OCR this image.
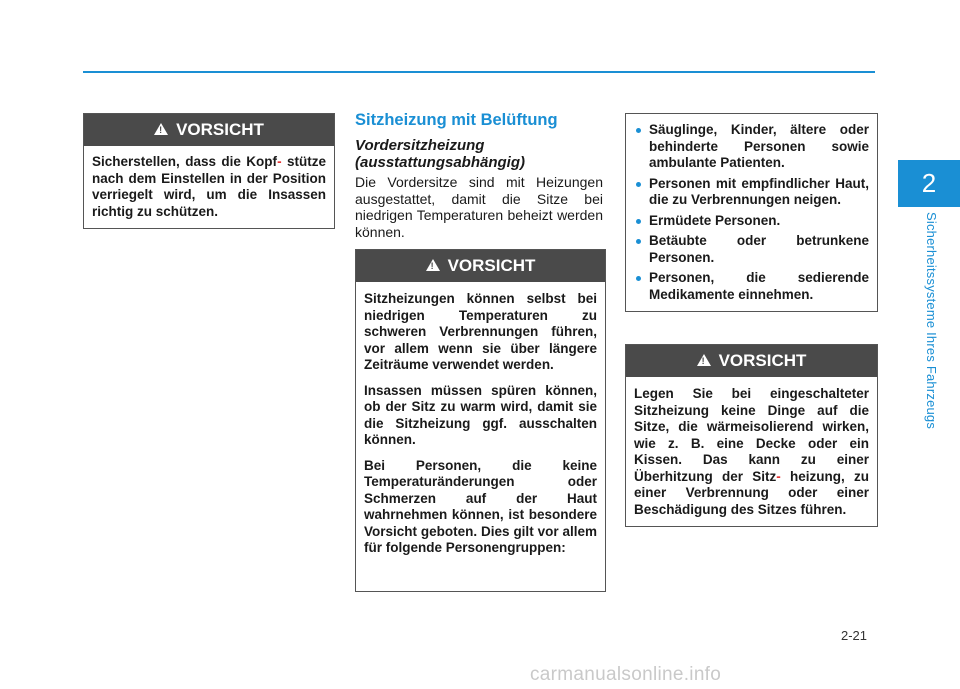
2
Sicherheitssysteme Ihres Fahrzeugs
!
VORSICHT
Sicherstellen, dass die Kopf- stütze nach dem Einstellen in der Position verriegelt wird, um die Insassen richtig zu schützen.
Sitzheizung mit Belüftung
Vordersitzheizung (ausstattungsabhängig)

Die Vordersitze sind mit Heizungen ausgestattet, damit die Sitze bei niedrigen Temperaturen beheizt werden können.

!
VORSICHT

Sitzheizungen können selbst bei niedrigen Temperaturen zu schweren Verbrennungen führen, vor allem wenn sie über längere Zeiträume verwendet werden.

Insassen müssen spüren können, ob der Sitz zu warm wird, damit sie die Sitzheizung ggf. ausschalten können.

Bei Personen, die keine Temperaturänderungen oder Schmerzen auf der Haut wahrnehmen können, ist besondere Vorsicht geboten. Dies gilt vor allem für folgende Personengruppen:

Säuglinge, Kinder, ältere oder behinderte Personen sowie ambulante Patienten.
Personen mit empfindlicher Haut, die zu Verbrennungen neigen.
Ermüdete Personen.
Betäubte oder betrunkene Personen.
Personen, die sedierende Medikamente einnehmen.
!
VORSICHT
Legen Sie bei eingeschalteter Sitzheizung keine Dinge auf die Sitze, die wärmeisolierend wirken, wie z. B. eine Decke oder ein Kissen. Das kann zu einer Überhitzung der Sitz- heizung, zu einer Verbrennung oder einer Beschädigung des Sitzes führen.
2-21
carmanualsonline.info
